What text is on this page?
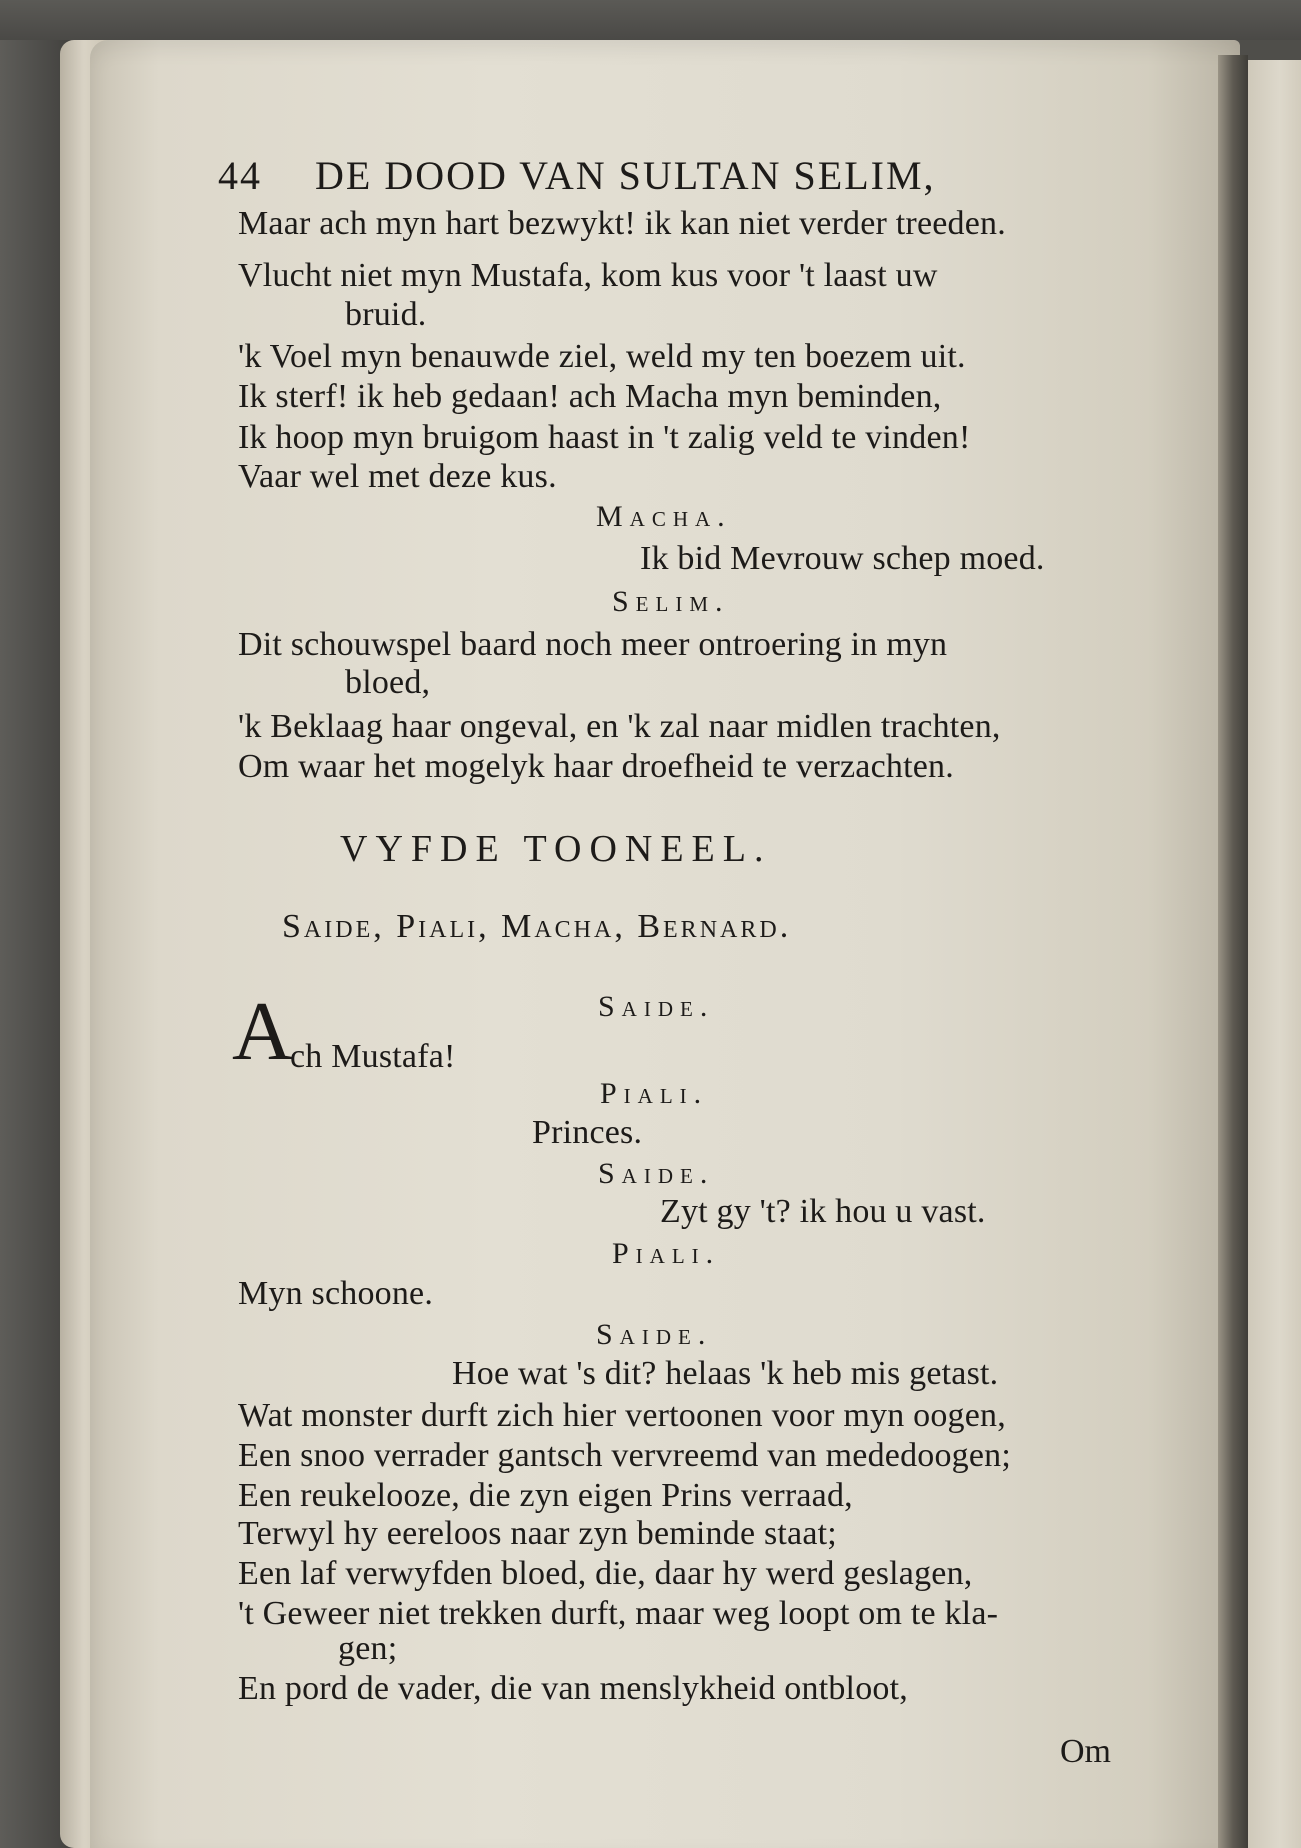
44 DE DOOD VAN SULTAN SELIM,
Maar ach myn hart bezwykt! ik kan niet verder treeden.
Vlucht niet myn Mustafa, kom kus voor 't laast uw
bruid.
'k Voel myn benauwde ziel, weld my ten boezem uit.
Ik sterf! ik heb gedaan! ach Macha myn beminden,
Ik hoop myn bruigom haast in 't zalig veld te vinden!
Vaar wel met deze kus.
Macha.
Ik bid Mevrouw schep moed.
Selim.
Dit schouwspel baard noch meer ontroering in myn
bloed,
'k Beklaag haar ongeval, en 'k zal naar midlen trachten,
Om waar het mogelyk haar droefheid te verzachten.
VYFDE TOONEEL.
Saide, Piali, Macha, Bernard.
Saide.
A
ch Mustafa!
Piali.
Princes.
Saide.
Zyt gy 't? ik hou u vast.
Piali.
Myn schoone.
Saide.
Hoe wat 's dit? helaas 'k heb mis getast.
Wat monster durft zich hier vertoonen voor myn oogen,
Een snoo verrader gantsch vervreemd van mededoogen;
Een reukelooze, die zyn eigen Prins verraad,
Terwyl hy eereloos naar zyn beminde staat;
Een laf verwyfden bloed, die, daar hy werd geslagen,
't Geweer niet trekken durft, maar weg loopt om te kla-
gen;
En pord de vader, die van menslykheid ontbloot,
Om
